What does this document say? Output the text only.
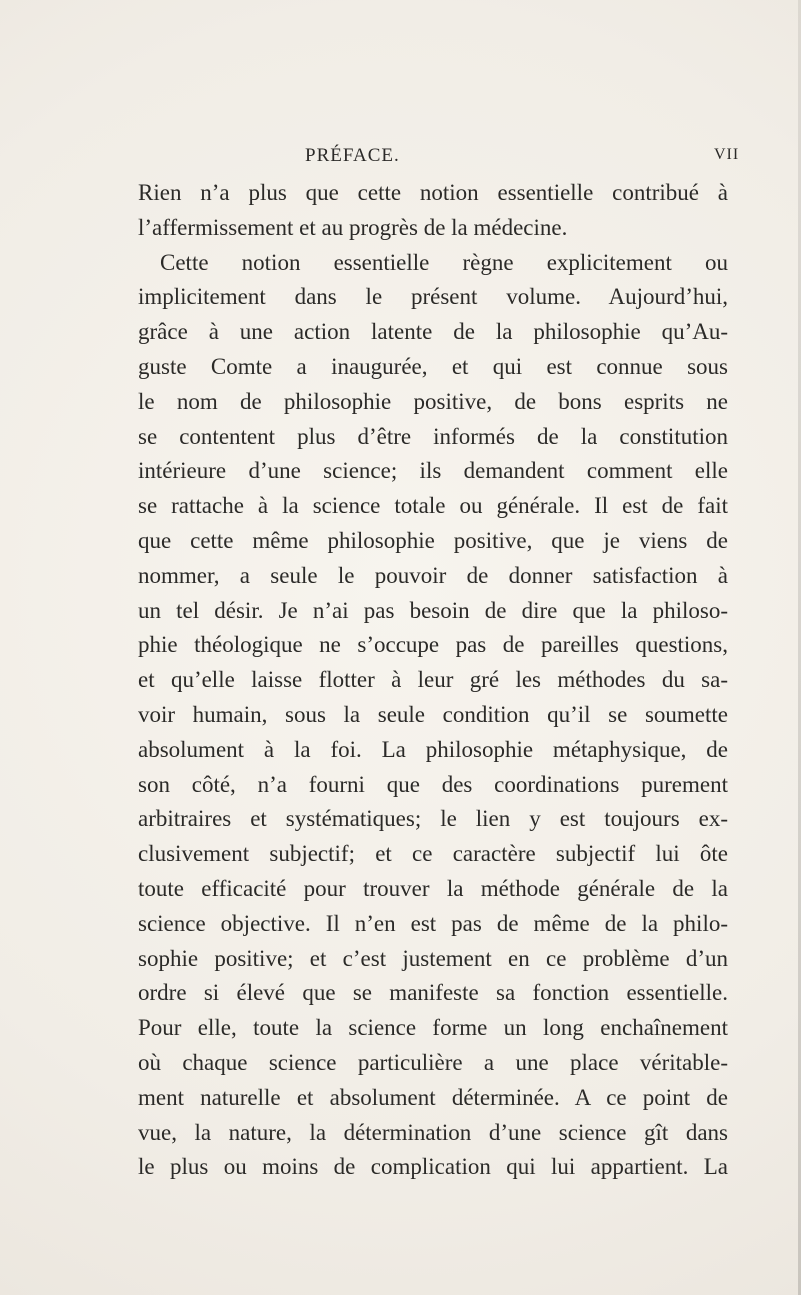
PRÉFACE.	VII
Rien n’a plus que cette notion essentielle contribué à
l’affermissement et au progrès de la médecine.
Cette notion essentielle règne explicitement ou
implicitement dans le présent volume. Aujourd’hui,
grâce à une action latente de la philosophie qu’Au-
guste Comte a inaugurée, et qui est connue sous
le nom de philosophie positive, de bons esprits ne
se contentent plus d’être informés de la constitution
intérieure d’une science; ils demandent comment elle
se rattache à la science totale ou générale. Il est de fait
que cette même philosophie positive, que je viens de
nommer, a seule le pouvoir de donner satisfaction à
un tel désir. Je n’ai pas besoin de dire que la philoso-
phie théologique ne s’occupe pas de pareilles questions,
et qu’elle laisse flotter à leur gré les méthodes du sa-
voir humain, sous la seule condition qu’il se soumette
absolument à la foi. La philosophie métaphysique, de
son côté, n’a fourni que des coordinations purement
arbitraires et systématiques; le lien y est toujours ex-
clusivement subjectif; et ce caractère subjectif lui ôte
toute efficacité pour trouver la méthode générale de la
science objective. Il n’en est pas de même de la philo-
sophie positive; et c’est justement en ce problème d’un
ordre si élevé que se manifeste sa fonction essentielle.
Pour elle, toute la science forme un long enchaînement
où chaque science particulière a une place véritable-
ment naturelle et absolument déterminée. A ce point de
vue, la nature, la détermination d’une science gît dans
le plus ou moins de complication qui lui appartient. La
